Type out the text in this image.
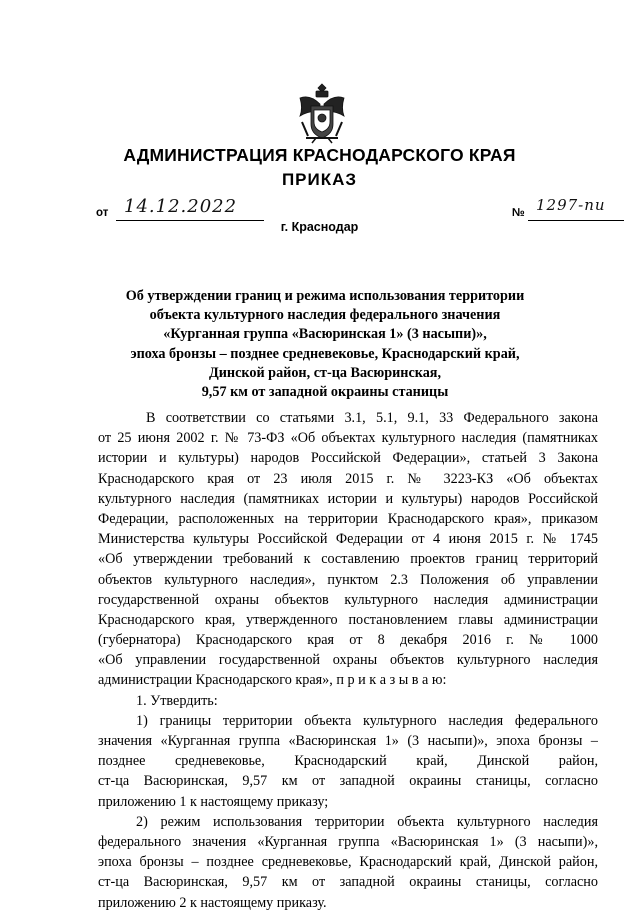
АДМИНИСТРАЦИЯ КРАСНОДАРСКОГО КРАЯ
ПРИКАЗ
от 14.12.2022	№ 1297-пи
г. Краснодар
Об утверждении границ и режима использования территории
объекта культурного наследия федерального значения
«Курганная группа «Васюринская 1» (3 насыпи)»,
эпоха бронзы – позднее средневековье, Краснодарский край,
Динской район, ст-ца Васюринская,
9,57 км от западной окраины станицы
В соответствии со статьями 3.1, 5.1, 9.1, 33 Федерального закона
от 25 июня 2002 г. № 73-ФЗ «Об объектах культурного наследия (памятниках
истории и культуры) народов Российской Федерации», статьей 3 Закона
Краснодарского края от 23 июля 2015 г. № 3223-КЗ «Об объектах
культурного наследия (памятниках истории и культуры) народов Российской
Федерации, расположенных на территории Краснодарского края», приказом
Министерства культуры Российской Федерации от 4 июня 2015 г. № 1745
«Об утверждении требований к составлению проектов границ территорий
объектов культурного наследия», пунктом 2.3 Положения об управлении
государственной охраны объектов культурного наследия администрации
Краснодарского края, утвержденного постановлением главы администрации
(губернатора) Краснодарского края от 8 декабря 2016 г. № 1000
«Об управлении государственной охраны объектов культурного наследия
администрации Краснодарского края», п р и к а з ы в а ю:
1. Утвердить:
1) границы территории объекта культурного наследия федерального
значения «Курганная группа «Васюринская 1» (3 насыпи)», эпоха бронзы –
позднее средневековье, Краснодарский край, Динской район,
ст-ца Васюринская, 9,57 км от западной окраины станицы, согласно
приложению 1 к настоящему приказу;
2) режим использования территории объекта культурного наследия
федерального значения «Курганная группа «Васюринская 1» (3 насыпи)»,
эпоха бронзы – позднее средневековье, Краснодарский край, Динской район,
ст-ца Васюринская, 9,57 км от западной окраины станицы, согласно
приложению 2 к настоящему приказу.
